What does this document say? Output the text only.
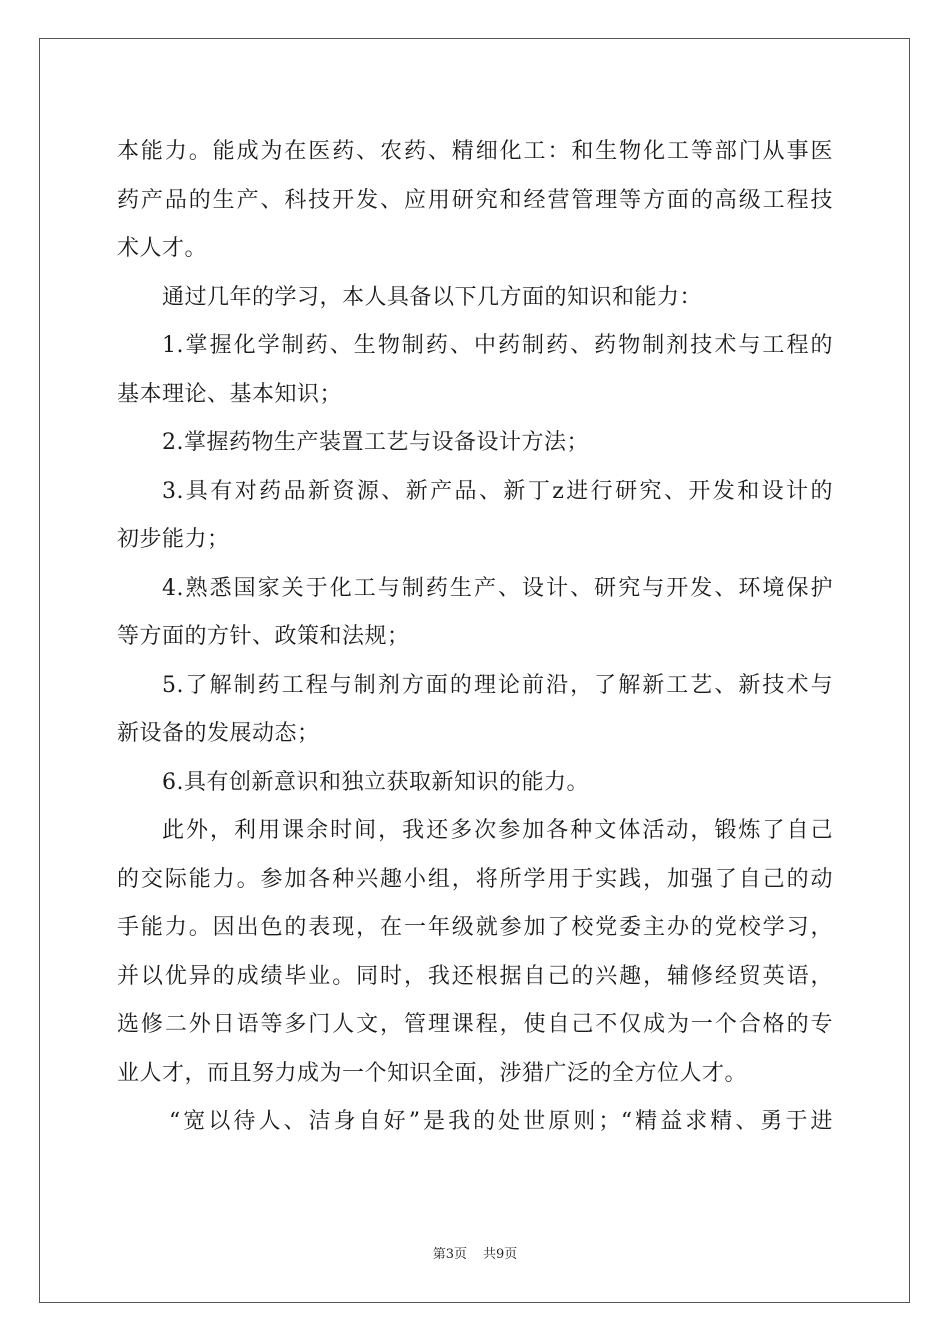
本能力。能成为在医药、农药、精细化工：和生物化工等部门从事医
药产品的生产、科技开发、应用研究和经营管理等方面的高级工程技
术人才。
通过几年的学习，本人具备以下几方面的知识和能力：
1.掌握化学制药、生物制药、中药制药、药物制剂技术与工程的
基本理论、基本知识；
2.掌握药物生产装置工艺与设备设计方法；
3.具有对药品新资源、新产品、新丁z进行研究、开发和设计的
初步能力；
4.熟悉国家关于化工与制药生产、设计、研究与开发、环境保护
等方面的方针、政策和法规；
5.了解制药工程与制剂方面的理论前沿，了解新工艺、新技术与
新设备的发展动态；
6.具有创新意识和独立获取新知识的能力。
此外，利用课余时间，我还多次参加各种文体活动，锻炼了自己
的交际能力。参加各种兴趣小组，将所学用于实践，加强了自己的动
手能力。因出色的表现，在一年级就参加了校党委主办的党校学习，
并以优异的成绩毕业。同时，我还根据自己的兴趣，辅修经贸英语，
选修二外日语等多门人文，管理课程，使自己不仅成为一个合格的专
业人才，而且努力成为一个知识全面，涉猎广泛的全方位人才。
“宽以待人、洁身自好”是我的处世原则；“精益求精、勇于进
第3页 共9页
